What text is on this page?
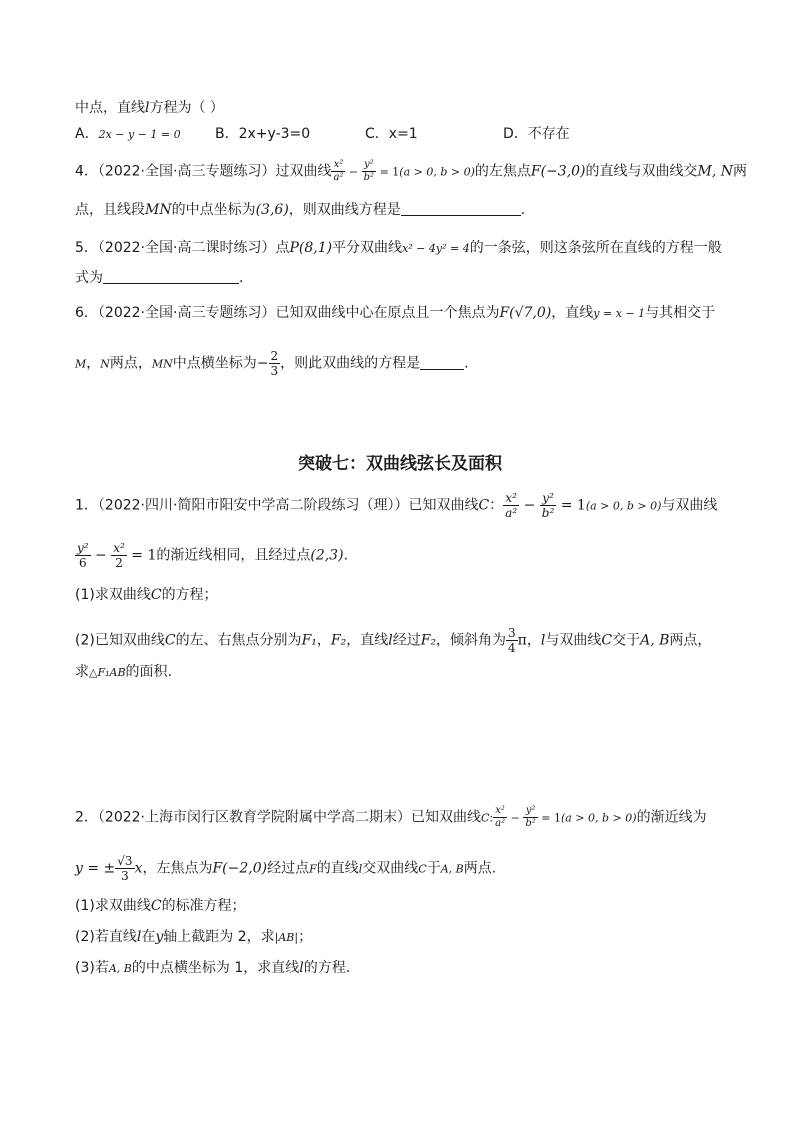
中点，直线l方程为（ ）
A．2x − y − 1 = 0 B．2x+y-3=0	C．x=1	D．不存在
4．（2022·全国·高三专题练习）过双曲线 $\frac{\text{x²}}{\text{a²}} - \frac{\text{y²}}{\text{b²}} = 1(a > 0$, b > 0)的左焦点F(−3,0)的直线与双曲线交M, N两
点，且线段MN的中点坐标为(3,6)，则双曲线方程是	.
5．（2022·全国·高二课时练习）点P(8,1)平分双曲线x² − 4y² = 4的一条弦，则这条弦所在直线的方程一般
式为	.
6．（2022·全国·高三专题练习）已知双曲线中心在原点且一个焦点为F(√7,0)，直线y = x − 1与其相交于
M，N两点，MN中点横坐标为− $\frac{2}{3}$ ，则此双曲线的方程是	.
突破七：双曲线弦长及面积
1．（2022·四川·简阳市阳安中学高二阶段练习（理））已知双曲线C： $\frac{\text{x²}}{\text{a²}} - \frac{\text{y²}}{\text{b²}} = 1(a > 0$, b > 0)与双曲线
$\frac{\text{y²}}{6} - \frac{\text{x²}}{2} = 1$的渐近线相同，且经过点(2,3).
(1)求双曲线C的方程；
(2)已知双曲线C的左、右焦点分别为F₁，F₂，直线l经过F₂，倾斜角为 $\frac{3}{4}$ π，l与双曲线C交于A, B两点，
求△F₁AB的面积.
2．（2022·上海市闵行区教育学院附属中学高二期末）已知双曲线C: $\frac{\text{x²}}{\text{a²}} - \frac{\text{y²}}{\text{b²}} = 1(a > 0$, b > 0)的渐近线为
y = ± $\frac{√3}{3}$ x，左焦点为F(−2,0)经过点F的直线l交双曲线C于A, B两点.
(1)求双曲线C的标准方程；
(2)若直线l在y轴上截距为 2，求|AB|；
(3)若A, B的中点横坐标为 1，求直线l的方程.
